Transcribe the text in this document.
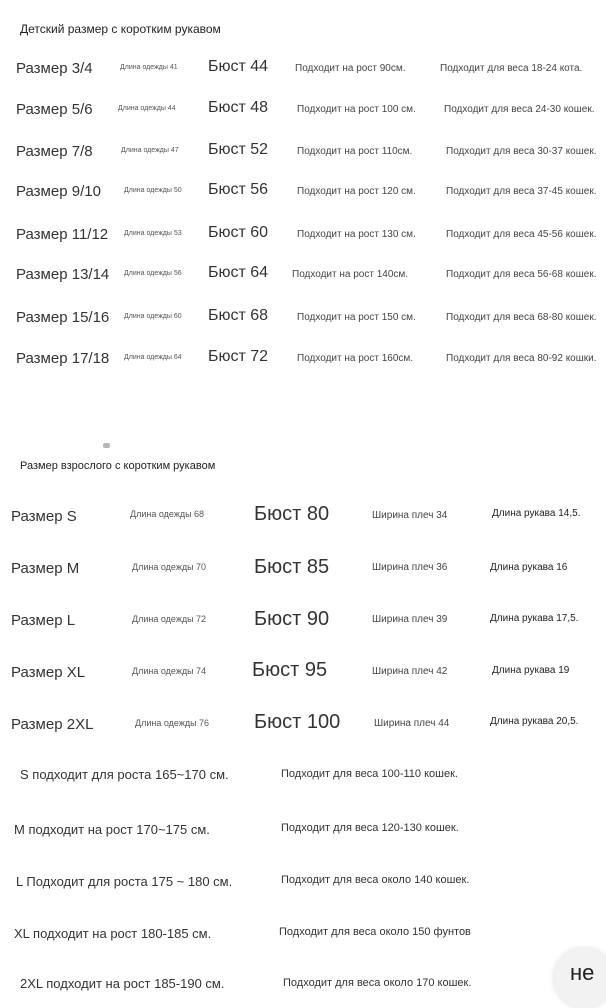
Детский размер с коротким рукавом
Размер 3/4	Длина одежды 41 Бюст 44	Подходит на рост 90см.	Подходит для веса 18-24 кота.
Размер 5/6	Длина одежды 44 Бюст 48	Подходит на рост 100 см.	Подходит для веса 24-30 кошек.
Размер 7/8	Длина одежды 47 Бюст 52	Подходит на рост 110см.	Подходит для веса 30-37 кошек.
Размер 9/10	Длина одежды 50 Бюст 56	Подходит на рост 120 см.	Подходит для веса 37-45 кошек.
Размер 11/12 Длина одежды 53 Бюст 60	Подходит на рост 130 см.	Подходит для веса 45-56 кошек.
Размер 13/14 Длина одежды 56 Бюст 64 Подходит на рост 140см.	Подходит для веса 56-68 кошек.
Размер 15/16 Длина одежды 60 Бюст 68	Подходит на рост 150 см.	Подходит для веса 68-80 кошек.
Размер 17/18 Длина одежды 64 Бюст 72	Подходит на рост 160см.	Подходит для веса 80-92 кошки.
Размер взрослого с коротким рукавом
Размер S	Длина одежды 68 Бюст 80	Ширина плеч 34	Длина рукава 14,5.
Размер M	Длина одежды 70 Бюст 85	Ширина плеч 36	Длина рукава 16
Размер L	Длина одежды 72 Бюст 90	Ширина плеч 39	Длина рукава 17,5.
Размер XL	Длина одежды 74 Бюст 95	Ширина плеч 42	Длина рукава 19
Размер 2XL	Длина одежды 76 Бюст 100	Ширина плеч 44	Длина рукава 20,5.
S подходит для роста 165~170 см.	Подходит для веса 100-110 кошек.
M подходит на рост 170~175 см.	Подходит для веса 120-130 кошек.
L Подходит для роста 175 ~ 180 см.	Подходит для веса около 140 кошек.
XL подходит на рост 180-185 см.	Подходит для веса около 150 фунтов
2XL подходит на рост 185-190 см.	Подходит для веса около 170 кошек.	не
